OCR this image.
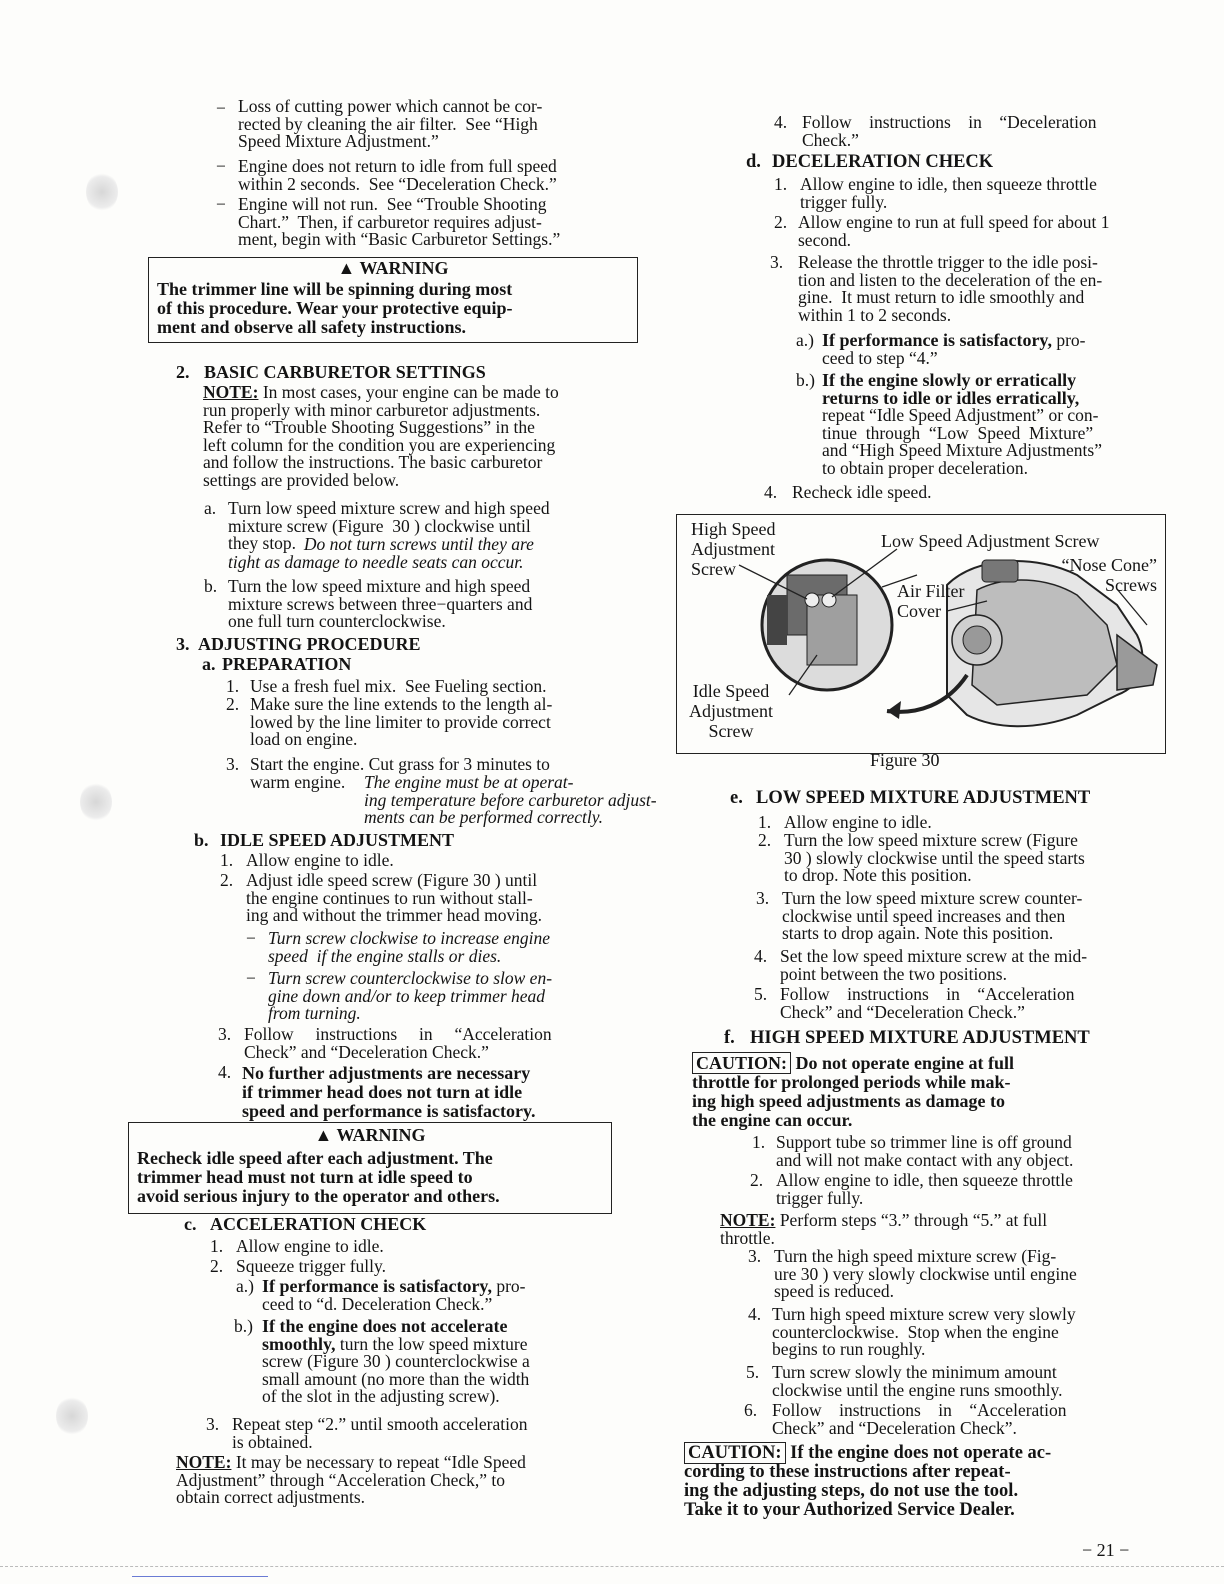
− Loss of cutting power which cannot be cor-
rected by cleaning the air filter.  See “High
Speed Mixture Adjustment.”
− Engine does not return to idle from full speed
within 2 seconds.  See “Deceleration Check.”
− Engine will not run.  See “Trouble Shooting
Chart.”  Then, if carburetor requires adjust-
ment, begin with “Basic Carburetor Settings.”
▲ WARNING
The trimmer line will be spinning during most
of this procedure. Wear your protective equip-
ment and observe all safety instructions.
2. BASIC CARBURETOR SETTINGS
NOTE: In most cases, your engine can be made to
run properly with minor carburetor adjustments.
Refer to “Trouble Shooting Suggestions” in the
left column for the condition you are experiencing
and follow the instructions. The basic carburetor
settings are provided below.
a. Turn low speed mixture screw and high speed
mixture screw (Figure  30 ) clockwise until
they stop. Do not turn screws until they are
tight as damage to needle seats can occur.
b. Turn the low speed mixture and high speed
mixture screws between three−quarters and
one full turn counterclockwise.
3. ADJUSTING PROCEDURE
a. PREPARATION
1. Use a fresh fuel mix.  See Fueling section.
2. Make sure the line extends to the length al-
lowed by the line limiter to provide correct
load on engine.
3. Start the engine. Cut grass for 3 minutes to
warm engine.	The engine must be at operat-
ing temperature before carburetor adjust-
ments can be performed correctly.
b. IDLE SPEED ADJUSTMENT
1. Allow engine to idle.
2. Adjust idle speed screw (Figure 30 ) until
the engine continues to run without stall-
ing and without the trimmer head moving.
− Turn screw clockwise to increase engine
speed  if the engine stalls or dies.
− Turn screw counterclockwise to slow en-
gine down and/or to keep trimmer head
from turning.
3. Follow     instructions     in     “Acceleration
Check” and “Deceleration Check.”
4. No further adjustments are necessary
if trimmer head does not turn at idle
speed and performance is satisfactory.
▲ WARNING
Recheck idle speed after each adjustment. The
trimmer head must not turn at idle speed to
avoid serious injury to the operator and others.
c. ACCELERATION CHECK
1. Allow engine to idle.
2. Squeeze trigger fully.
a.) If performance is satisfactory, pro-
ceed to “d. Deceleration Check.”
b.) If the engine does not accelerate
smoothly, turn the low speed mixture
screw (Figure 30 ) counterclockwise a
small amount (no more than the width
of the slot in the adjusting screw).
3. Repeat step “2.” until smooth acceleration
is obtained.
NOTE: It may be necessary to repeat “Idle Speed
Adjustment” through “Acceleration Check,” to
obtain correct adjustments.
4. Follow    instructions    in    “Deceleration
Check.”
d. DECELERATION CHECK
1. Allow engine to idle, then squeeze throttle
trigger fully.
2. Allow engine to run at full speed for about 1
second.
3. Release the throttle trigger to the idle posi-
tion and listen to the deceleration of the en-
gine.  It must return to idle smoothly and
within 1 to 2 seconds.
a.) If performance is satisfactory, pro-
ceed to step “4.”
b.) If the engine slowly or erratically
returns to idle or idles erratically,
repeat “Idle Speed Adjustment” or con-
tinue  through  “Low  Speed  Mixture”
and “High Speed Mixture Adjustments”
to obtain proper deceleration.
4. Recheck idle speed.
High Speed
Adjustment
Screw
Low Speed Adjustment Screw
“Nose Cone”
Screws
Air Filter
Cover
Idle Speed
Adjustment
Screw
Figure 30
e. LOW SPEED MIXTURE ADJUSTMENT
1. Allow engine to idle.
2. Turn the low speed mixture screw (Figure
30 ) slowly clockwise until the speed starts
to drop. Note this position.
3. Turn the low speed mixture screw counter-
clockwise until speed increases and then
starts to drop again. Note this position.
4. Set the low speed mixture screw at the mid-
point between the two positions.
5. Follow    instructions    in    “Acceleration
Check” and “Deceleration Check.”
f. HIGH SPEED MIXTURE ADJUSTMENT
CAUTION: Do not operate engine at full
throttle for prolonged periods while mak-
ing high speed adjustments as damage to
the engine can occur.
1. Support tube so trimmer line is off ground
and will not make contact with any object.
2. Allow engine to idle, then squeeze throttle
trigger fully.
NOTE: Perform steps “3.” through “5.” at full
throttle.
3. Turn the high speed mixture screw (Fig-
ure 30 ) very slowly clockwise until engine
speed is reduced.
4. Turn high speed mixture screw very slowly
counterclockwise.  Stop when the engine
begins to run roughly.
5. Turn screw slowly the minimum amount
clockwise until the engine runs smoothly.
6. Follow    instructions    in    “Acceleration
Check” and “Deceleration Check”.
CAUTION: If the engine does not operate ac-
cording to these instructions after repeat-
ing the adjusting steps, do not use the tool.
Take it to your Authorized Service Dealer.
− 21 −
